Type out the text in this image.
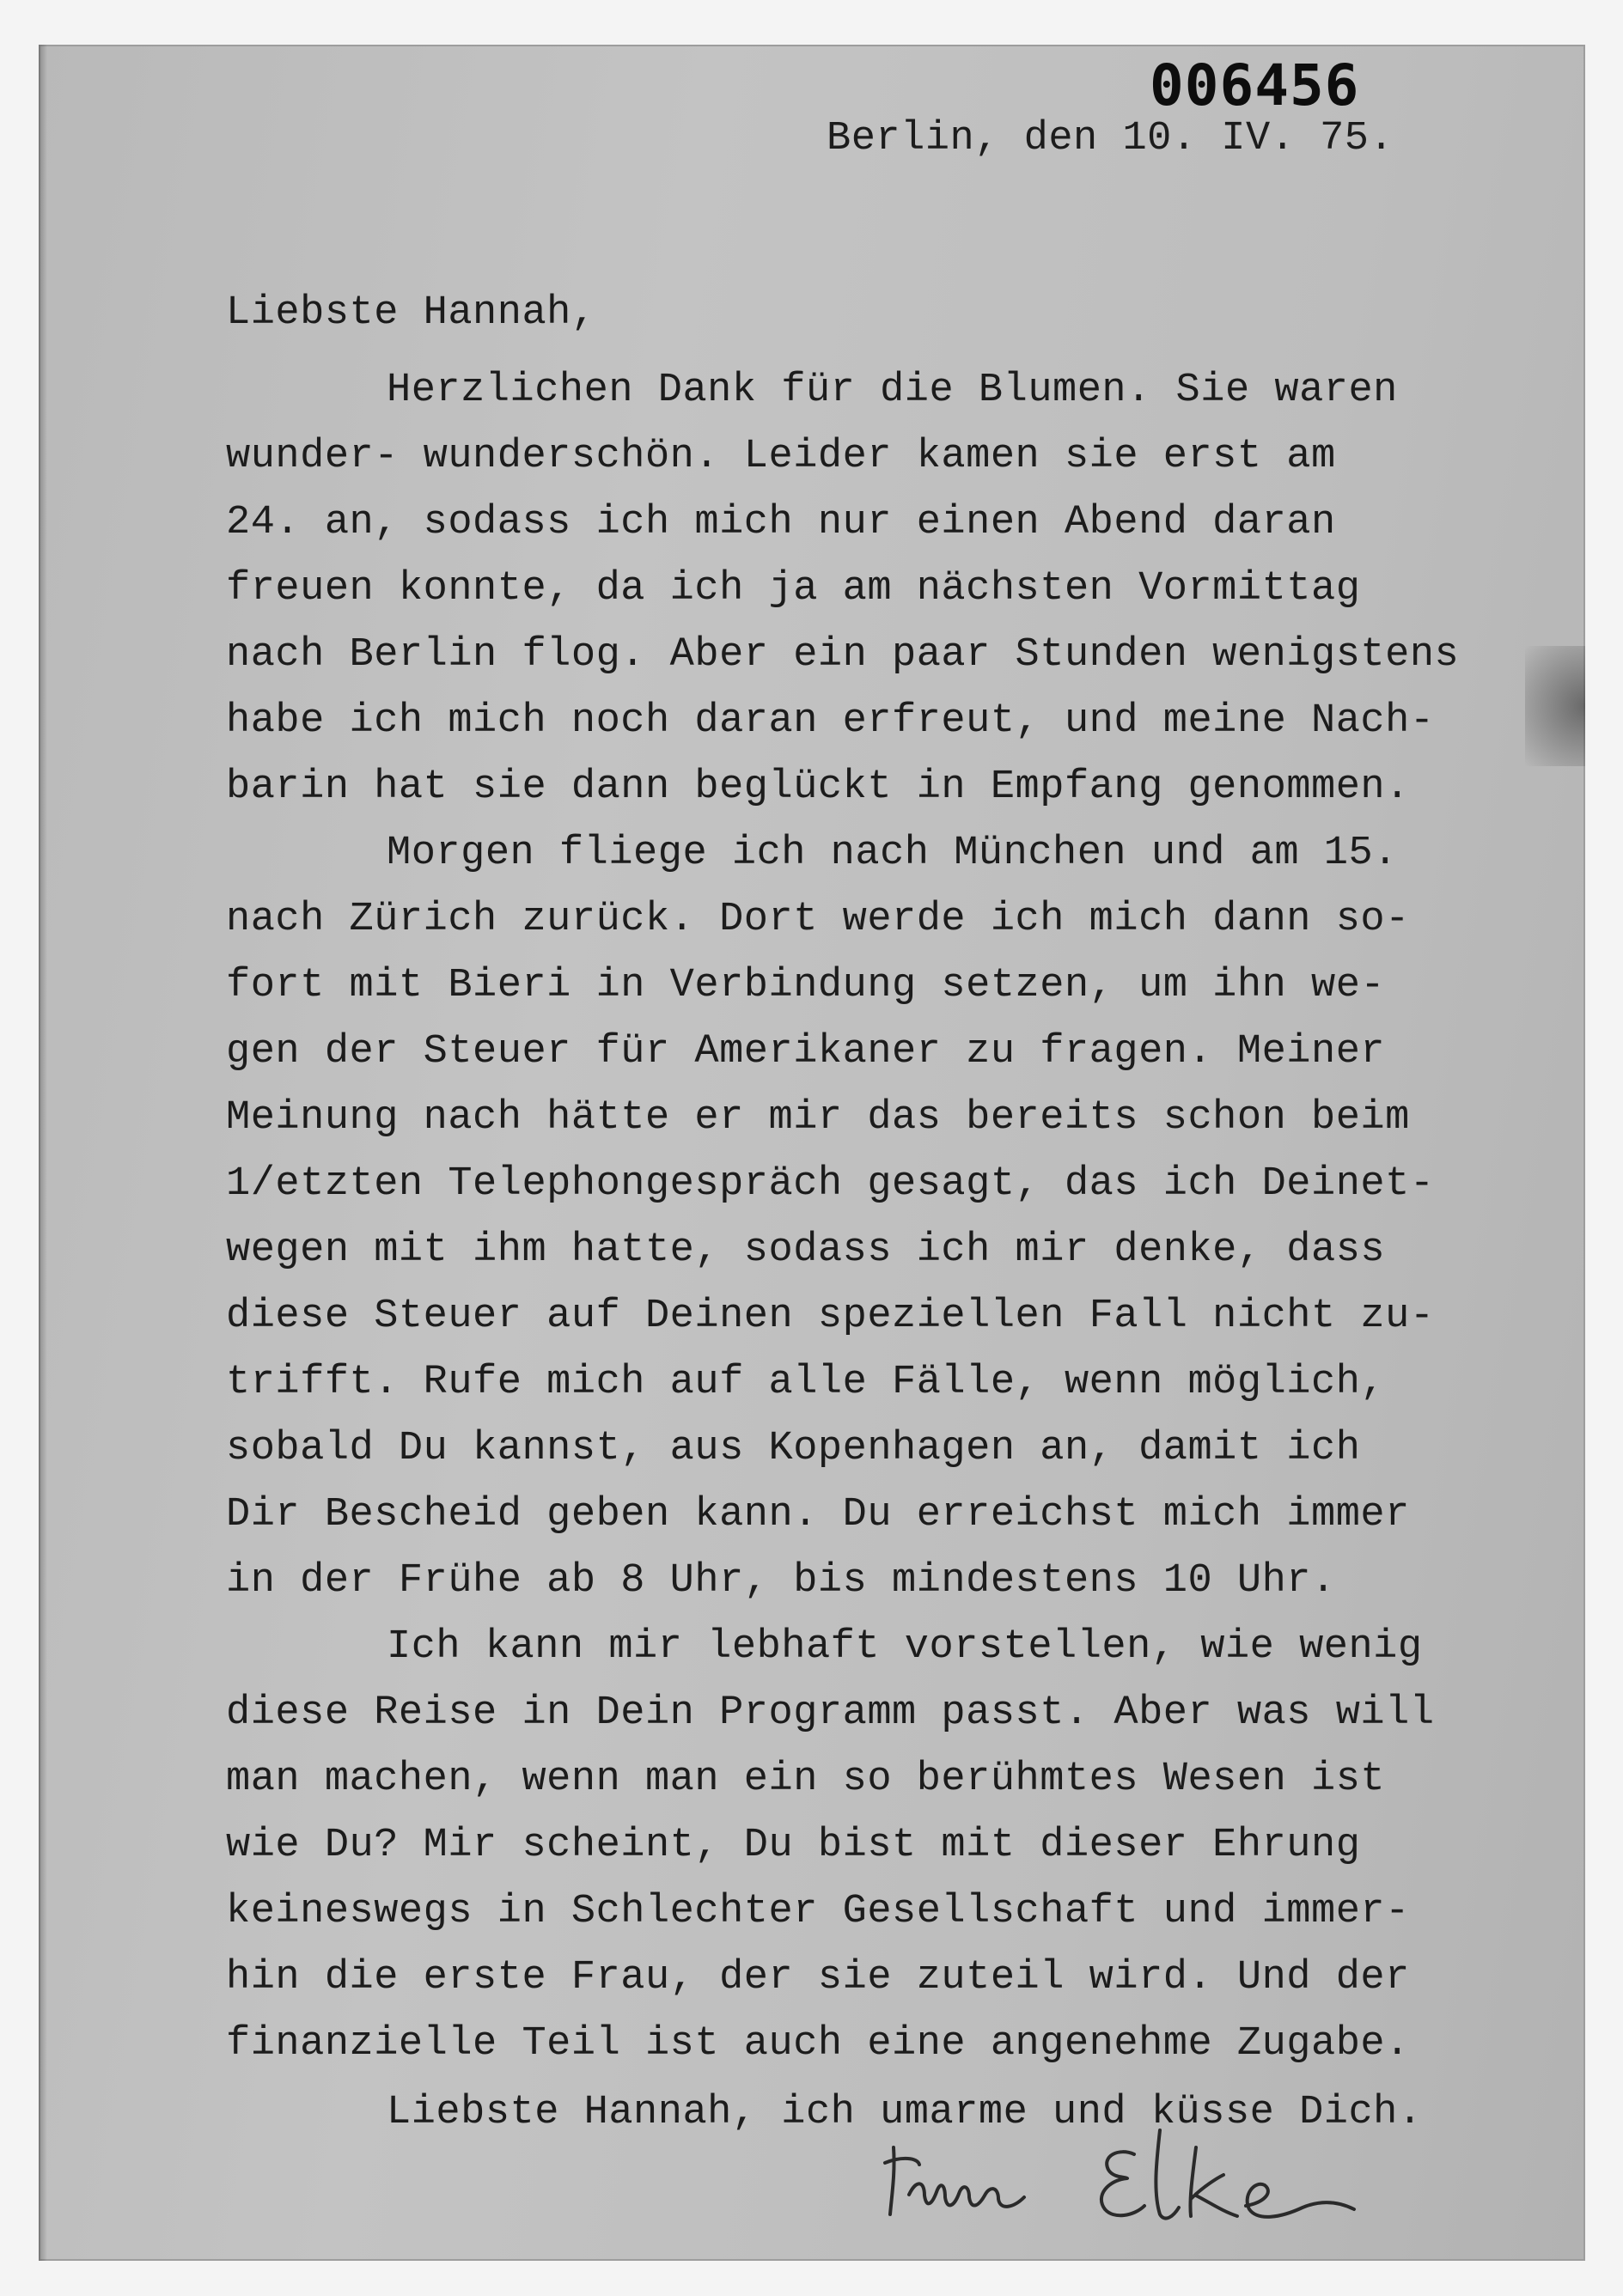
006456
Berlin, den 10. IV. 75.
Liebste Hannah,
Herzlichen Dank für die Blumen. Sie waren
wunder- wunderschön. Leider kamen sie erst am
24. an, sodass ich mich nur einen Abend daran
freuen konnte, da ich ja am nächsten Vormittag
nach Berlin flog. Aber ein paar Stunden wenigstens
habe ich mich noch daran erfreut, und meine Nach-
barin hat sie dann beglückt in Empfang genommen.
Morgen fliege ich nach München und am 15.
nach Zürich zurück. Dort werde ich mich dann so-
fort mit Bieri in Verbindung setzen, um ihn we-
gen der Steuer für Amerikaner zu fragen. Meiner
Meinung nach hätte er mir das bereits schon beim
1/etzten Telephongespräch gesagt, das ich Deinet-
wegen mit ihm hatte, sodass ich mir denke, dass
diese Steuer auf Deinen speziellen Fall nicht zu-
trifft. Rufe mich auf alle Fälle, wenn möglich,
sobald Du kannst, aus Kopenhagen an, damit ich
Dir Bescheid geben kann. Du erreichst mich immer
in der Frühe ab 8 Uhr, bis mindestens 10 Uhr.
Ich kann mir lebhaft vorstellen, wie wenig
diese Reise in Dein Programm passt. Aber was will
man machen, wenn man ein so berühmtes Wesen ist
wie Du? Mir scheint, Du bist mit dieser Ehrung
keineswegs in Schlechter Gesellschaft und immer-
hin die erste Frau, der sie zuteil wird. Und der
finanzielle Teil ist auch eine angenehme Zugabe.
Liebste Hannah, ich umarme und küsse Dich.
